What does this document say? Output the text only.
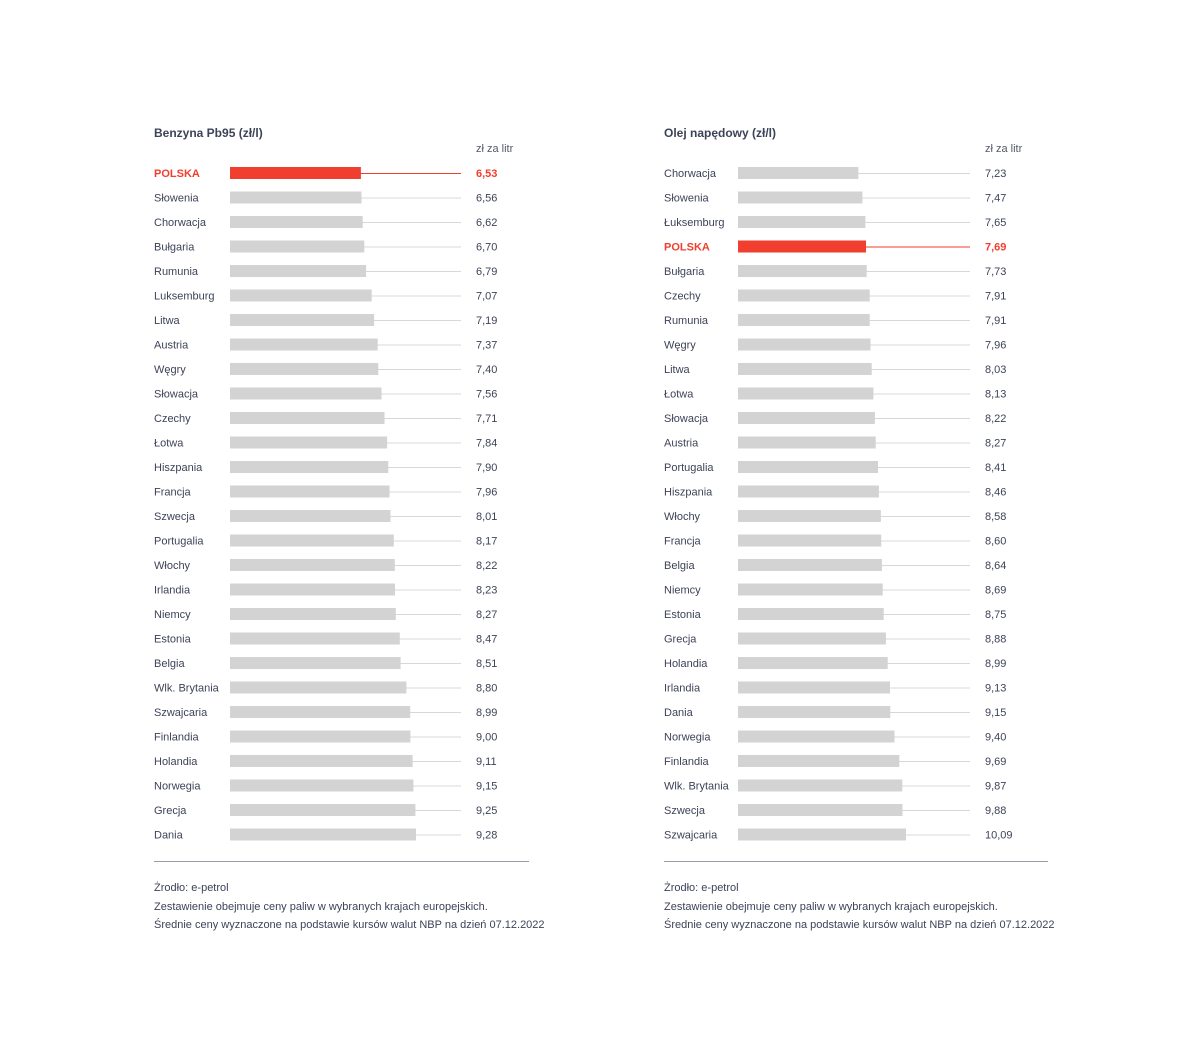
Benzyna Pb95 (zł/l)
zł za litr
POLSKA	6,53
Słowenia	6,56
Chorwacja	6,62
Bułgaria	6,70
Rumunia	6,79
Luksemburg	7,07
Litwa	7,19
Austria	7,37
Węgry	7,40
Słowacja	7,56
Czechy	7,71
Łotwa	7,84
Hiszpania	7,90
Francja	7,96
Szwecja	8,01
Portugalia	8,17
Włochy	8,22
Irlandia	8,23
Niemcy	8,27
Estonia	8,47
Belgia	8,51
Wlk. Brytania	8,80
Szwajcaria	8,99
Finlandia	9,00
Holandia	9,11
Norwegia	9,15
Grecja	9,25
Dania	9,28
Żrodło: e-petrol
Zestawienie obejmuje ceny paliw w wybranych krajach europejskich.
Średnie ceny wyznaczone na podstawie kursów walut NBP na dzień 07.12.2022
Olej napędowy (zł/l)
zł za litr
Chorwacja	7,23
Słowenia	7,47
Łuksemburg	7,65
POLSKA	7,69
Bułgaria	7,73
Czechy	7,91
Rumunia	7,91
Węgry	7,96
Litwa	8,03
Łotwa	8,13
Słowacja	8,22
Austria	8,27
Portugalia	8,41
Hiszpania	8,46
Włochy	8,58
Francja	8,60
Belgia	8,64
Niemcy	8,69
Estonia	8,75
Grecja	8,88
Holandia	8,99
Irlandia	9,13
Dania	9,15
Norwegia	9,40
Finlandia	9,69
Wlk. Brytania	9,87
Szwecja	9,88
Szwajcaria	10,09
Żrodło: e-petrol
Zestawienie obejmuje ceny paliw w wybranych krajach europejskich.
Średnie ceny wyznaczone na podstawie kursów walut NBP na dzień 07.12.2022
